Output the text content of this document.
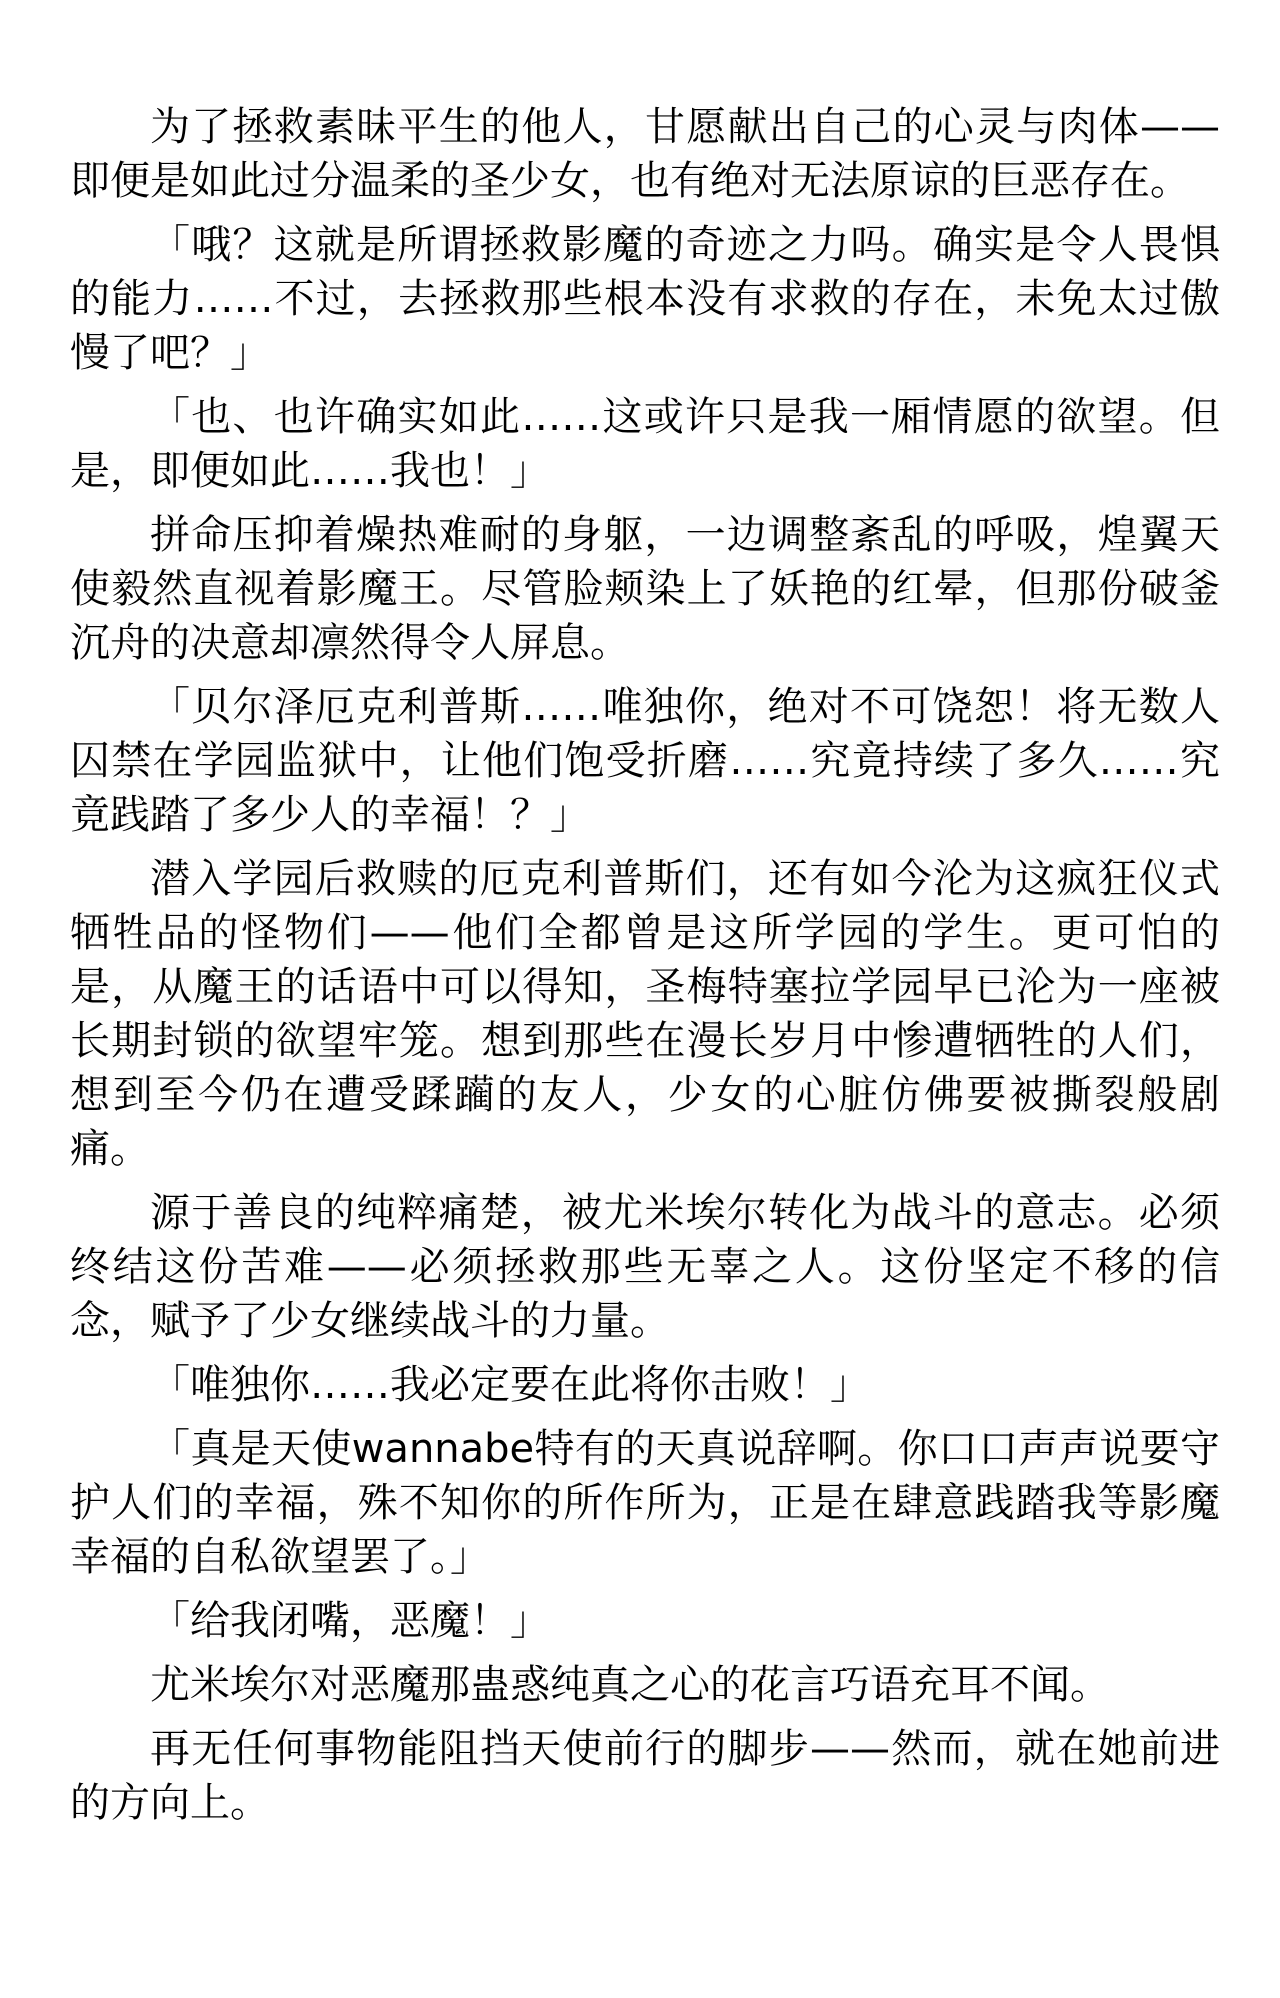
为了拯救素昧平生的他人，甘愿献出自己的心灵与肉体——即便是如此过分温柔的圣少女，也有绝对无法原谅的巨恶存在。

「哦？这就是所谓拯救影魔的奇迹之力吗。确实是令人畏惧的能力……不过，去拯救那些根本没有求救的存在，未免太过傲慢了吧？」

「也、也许确实如此……这或许只是我一厢情愿的欲望。但是，即便如此……我也！」

拼命压抑着燥热难耐的身躯，一边调整紊乱的呼吸，煌翼天使毅然直视着影魔王。尽管脸颊染上了妖艳的红晕，但那份破釜沉舟的决意却凛然得令人屏息。

「贝尔泽厄克利普斯……唯独你，绝对不可饶恕！将无数人囚禁在学园监狱中，让他们饱受折磨……究竟持续了多久……究竟践踏了多少人的幸福！？」

潜入学园后救赎的厄克利普斯们，还有如今沦为这疯狂仪式牺牲品的怪物们——他们全都曾是这所学园的学生。更可怕的是，从魔王的话语中可以得知，圣梅特塞拉学园早已沦为一座被长期封锁的欲望牢笼。想到那些在漫长岁月中惨遭牺牲的人们，想到至今仍在遭受蹂躏的友人，少女的心脏仿佛要被撕裂般剧痛。

源于善良的纯粹痛楚，被尤米埃尔转化为战斗的意志。必须终结这份苦难——必须拯救那些无辜之人。这份坚定不移的信念，赋予了少女继续战斗的力量。

「唯独你……我必定要在此将你击败！」

「真是天使wannabe特有的天真说辞啊。你口口声声说要守护人们的幸福，殊不知你的所作所为，正是在肆意践踏我等影魔幸福的自私欲望罢了。」

「给我闭嘴，恶魔！」

尤米埃尔对恶魔那蛊惑纯真之心的花言巧语充耳不闻。

再无任何事物能阻挡天使前行的脚步——然而，就在她前进的方向上。
